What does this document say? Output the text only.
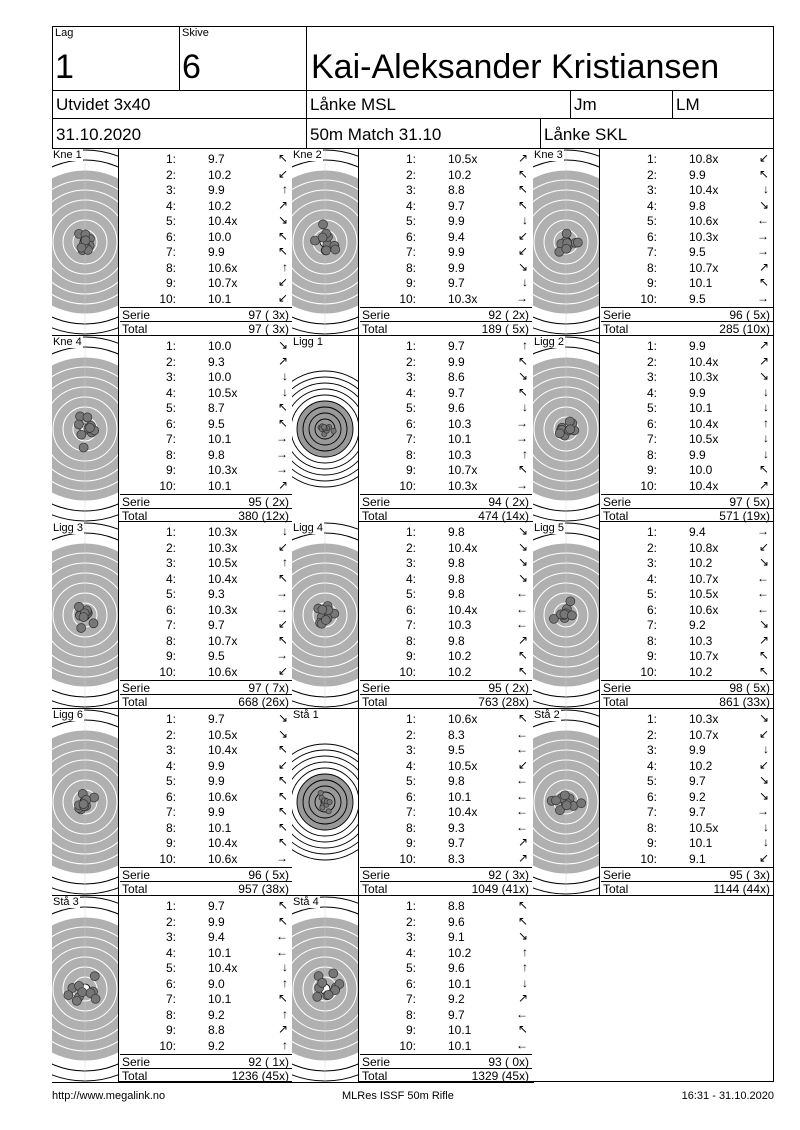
Lag
1
Skive
6	Kai-Aleksander Kristiansen
Utvidet 3x40	Lånke MSL	Jm	LM
31.10.2020	50m Match 31.10	Lånke SKL
Kne 1	1:	9.7	↖
2:	10.2	↙
3:	9.9	↑
4:	10.2	↗
5:	10.4x	↘
6:	10.0	↖
7:	9.9	↖
8:	10.6x	↑
9:	10.7x	↙
10:	10.1	↙
Serie	97 ( 3x)
Total	97 ( 3x)
Kne 2	1:	10.5x	↗
2:	10.2	↖
3:	8.8	↖
4:	9.7	↖
5:	9.9	↓
6:	9.4	↙
7:	9.9	↙
8:	9.9	↘
9:	9.7	↓
10:	10.3x	→
Serie	92 ( 2x)
Total	189 ( 5x)
Kne 3	1:	10.8x	↙
2:	9.9	↖
3:	10.4x	↓
4:	9.8	↘
5:	10.6x	←
6:	10.3x	→
7:	9.5	→
8:	10.7x	↗
9:	10.1	↖
10:	9.5	→
Serie	96 ( 5x)
Total	285 (10x)
Kne 4	1:	10.0	↘
2:	9.3	↗
3:	10.0	↓
4:	10.5x	↓
5:	8.7	↖
6:	9.5	↖
7:	10.1	→
8:	9.8	→
9:	10.3x	→
10:	10.1	↗
Serie	95 ( 2x)
Total	380 (12x)
Ligg 1	1:	9.7	↑
2:	9.9	↖
3:	8.6	↘
4:	9.7	↖
5:	9.6	↓
6:	10.3	→
7:	10.1	→
8:	10.3	↑
9:	10.7x	↖
10:	10.3x	→
Serie	94 ( 2x)
Total	474 (14x)
Ligg 2	1:	9.9	↗
2:	10.4x	↗
3:	10.3x	↘
4:	9.9	↓
5:	10.1	↓
6:	10.4x	↑
7:	10.5x	↓
8:	9.9	↓
9:	10.0	↖
10:	10.4x	↗
Serie	97 ( 5x)
Total	571 (19x)
Ligg 3	1:	10.3x	↓
2:	10.3x	↙
3:	10.5x	↑
4:	10.4x	↖
5:	9.3	→
6:	10.3x	→
7:	9.7	↙
8:	10.7x	↖
9:	9.5	→
10:	10.6x	↙
Serie	97 ( 7x)
Total	668 (26x)
Ligg 4	1:	9.8	↘
2:	10.4x	↘
3:	9.8	↘
4:	9.8	↘
5:	9.8	←
6:	10.4x	←
7:	10.3	←
8:	9.8	↗
9:	10.2	↖
10:	10.2	↖
Serie	95 ( 2x)
Total	763 (28x)
Ligg 5	1:	9.4	→
2:	10.8x	↙
3:	10.2	↘
4:	10.7x	←
5:	10.5x	←
6:	10.6x	←
7:	9.2	↘
8:	10.3	↗
9:	10.7x	↖
10:	10.2	↖
Serie	98 ( 5x)
Total	861 (33x)
Ligg 6	1:	9.7	↘
2:	10.5x	↘
3:	10.4x	↖
4:	9.9	↙
5:	9.9	↖
6:	10.6x	↖
7:	9.9	↖
8:	10.1	↖
9:	10.4x	↖
10:	10.6x	→
Serie	96 ( 5x)
Total	957 (38x)
Stå 1	1:	10.6x	↖
2:	8.3	←
3:	9.5	←
4:	10.5x	↙
5:	9.8	←
6:	10.1	←
7:	10.4x	←
8:	9.3	←
9:	9.7	↗
10:	8.3	↗
Serie	92 ( 3x)
Total	1049 (41x)
Stå 2	1:	10.3x	↘
2:	10.7x	↙
3:	9.9	↓
4:	10.2	↙
5:	9.7	↘
6:	9.2	↘
7:	9.7	→
8:	10.5x	↓
9:	10.1	↓
10:	9.1	↙
Serie	95 ( 3x)
Total	1144 (44x)
Stå 3	1:	9.7	↖
2:	9.9	↖
3:	9.4	←
4:	10.1	←
5:	10.4x	↓
6:	9.0	↑
7:	10.1	↖
8:	9.2	↑
9:	8.8	↗
10:	9.2	↑
Serie	92 ( 1x)
Total	1236 (45x)
Stå 4	1:	8.8	↖
2:	9.6	↖
3:	9.1	↘
4:	10.2	↑
5:	9.6	↑
6:	10.1	↓
7:	9.2	↗
8:	9.7	←
9:	10.1	↖
10:	10.1	←
Serie	93 ( 0x)
Total	1329 (45x)
http://www.megalink.no	MLRes ISSF 50m Rifle	16:31 - 31.10.2020
